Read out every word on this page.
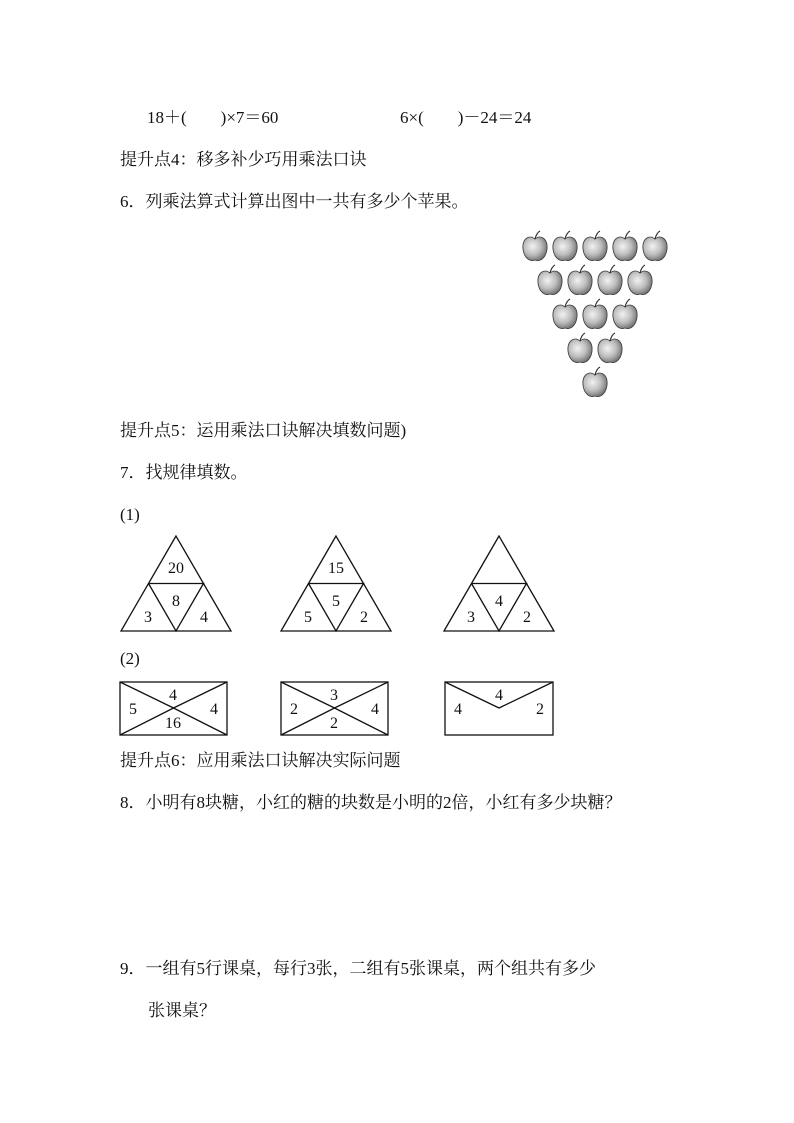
18＋(　　)×7＝60	6×(　　)－24＝24
提升点4：移多补少巧用乘法口诀
6．列乘法算式计算出图中一共有多少个苹果。
提升点5：运用乘法口诀解决填数问题)
7．找规律填数。
(1)
20
8
3	4
15
5
5	2
4
3	2
(2)
4
5	4
16
3
2	4
2
4
4	2
提升点6：应用乘法口诀解决实际问题
8．小明有8块糖，小红的糖的块数是小明的2倍，小红有多少块糖？
9．一组有5行课桌，每行3张，二组有5张课桌，两个组共有多少
张课桌？
